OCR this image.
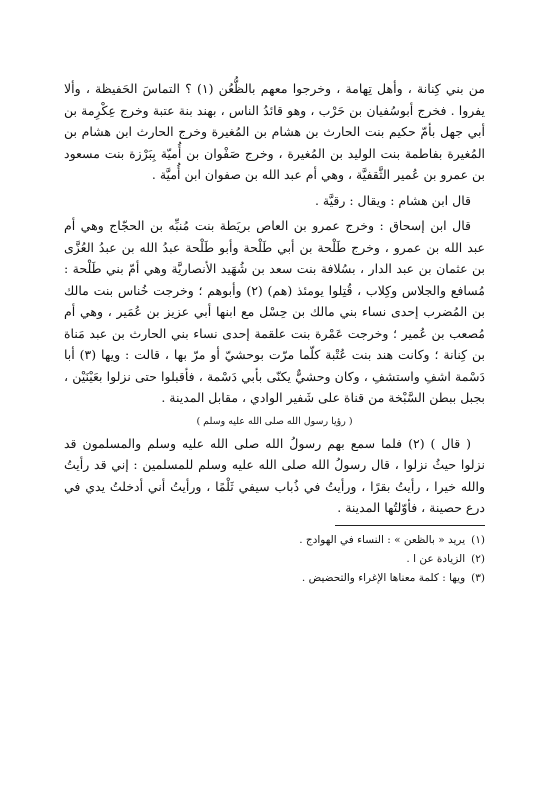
من بني كِنانة ، وأهل تِهامة ، وخرجوا معهم بالظُّعُن (١) ؟ التماسَ الحَفيظة ، وألا يفروا . فخرج أبوسُفيان بن حَرْب ، وهو قائدُ الناس ، بهند بنة عتبة وخرج عِكْرِمة بن أبي جهل بأمّ حكيم بنت الحارث بن هشام بن المُغيرة وخرج الحارث ابن هشام بن المُغيرة بفاطمة بنت الوليد بن المُغيرة ، وخرج صَفْوان بن أُميّة بِبَرْزة بنت مسعود بن عمرو بن عُمير الثَّقفيَّة ، وهي أم عبد الله بن صفوان ابن أُميَّة .

قال ابن هشام : ويقال : رقيَّة .

قال ابن إسحاق : وخرج عمرو بن العاص بريَطة بنت مُنبِّه بن الحجّاج وهي أم عبد الله بن عمرو ، وخرج طَلْحة بن أبي طَلْحة وأبو طَلْحة عبدُ الله بن عبدُ العُزَّى بن عثمان بن عبد الدار ، بسُلافة بنت سعد بن شُهَيد الأنصاريَّة وهي أمّ بني طَلْحة : مُسافع والجلاس وكِلاب ، قُتِلوا يومئذ (هم) (٢) وأبوهم ؛ وخرجت خُناس بنت مالك بن المُضرب إحدى نساء بني مالك بن حِسْل مع ابنها أبي عزيز بن عُمَير ، وهي أم مُصعب بن عُمير ؛ وخرجت عَمْرة بنت علقمة إحدى نساء بني الحارث بن عبد مَناة بن كِنانة ؛ وكانت هند بنت عُتْبة كلّما مرّت بوحشيّ أو مرّ بها ، قالت : ويها (٣) أبا دَسْمة اشفِ واستشفِ ، وكان وحشيٌّ يكنّى بأبي دَسْمة ، فأقبلوا حتى نزلوا بعَيْنَيْن ، بجبل ببطن السَّبْخة من قناة على شَفير الوادي ، مقابل المدينة .

( رؤيا رسول الله صلى الله عليه وسلم )

( قال ) (٢) فلما سمع بهم رسولُ الله صلى الله عليه وسلم والمسلمون قد نزلوا حيثُ نزلوا ، قال رسولُ الله صلى الله عليه وسلم للمسلمين : إني قد رأيتُ والله خيرا ، رأيتُ بقرًا ، ورأيتُ في ذُباب سيفي ثَلْمًا ، ورأيتُ أني أدخلتُ يدي في درع حصينة ، فأوّلتُها المدينة .

(١)يريد « بالظعن » : النساء في الهوادج .
(٢)الزيادة عن ا .
(٣)ويها : كلمة معناها الإغراء والتحضيض .
